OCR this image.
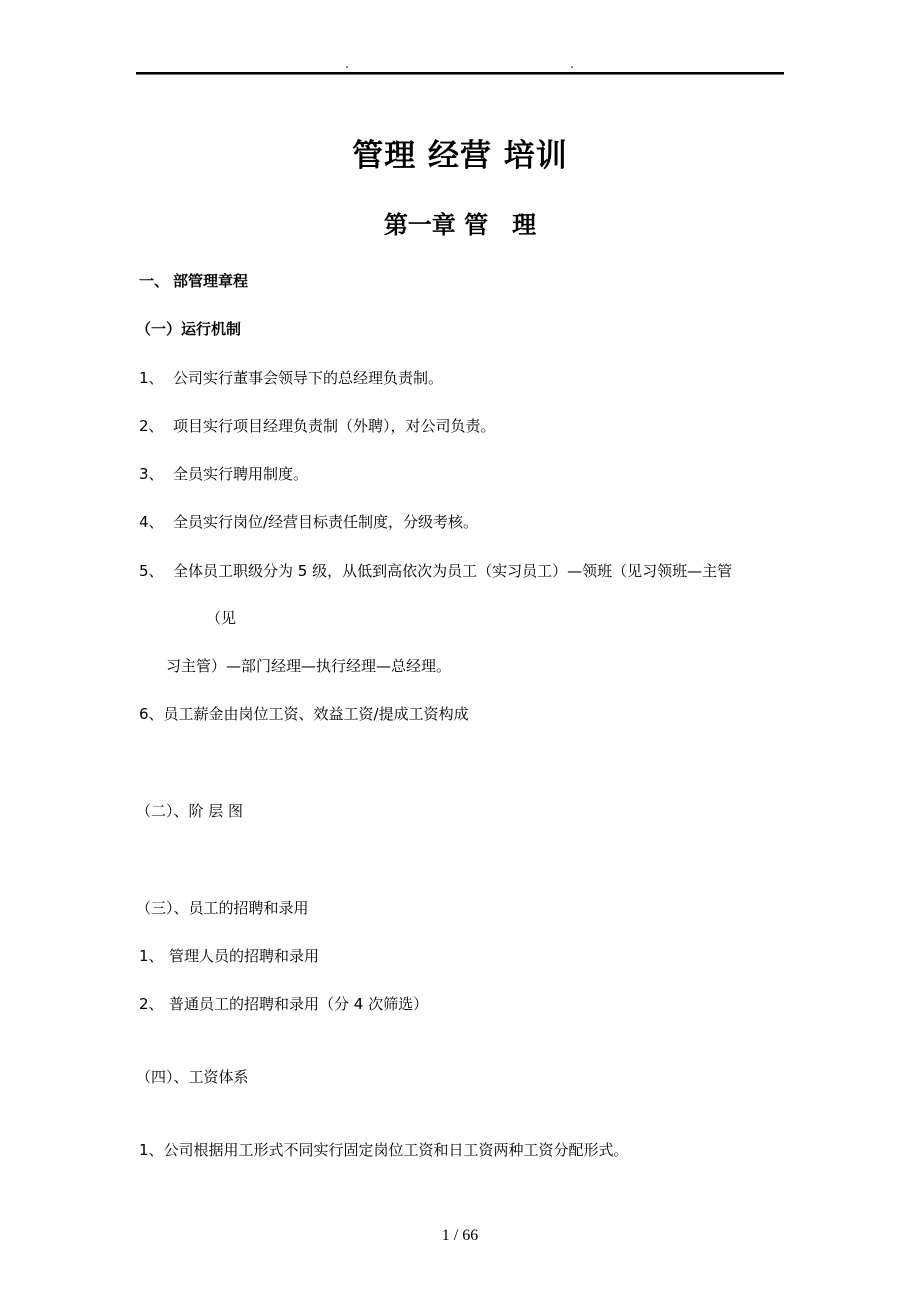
管理 经营 培训
第一章 管　理
一、 部管理章程
（一）运行机制
1、 公司实行董事会领导下的总经理负责制。
2、 项目实行项目经理负责制（外聘），对公司负责。
3、 全员实行聘用制度。
4、 全员实行岗位/经营目标责任制度，分级考核。
5、 全体员工职级分为 5 级，从低到高依次为员工（实习员工）—领班（见习领班—主管
（见
习主管）—部门经理—执行经理—总经理。
6、员工薪金由岗位工资、效益工资/提成工资构成
（二）、阶 层 图
（三）、员工的招聘和录用
1、 管理人员的招聘和录用
2、 普通员工的招聘和录用（分 4 次筛选）
（四）、工资体系
1、公司根据用工形式不同实行固定岗位工资和日工资两种工资分配形式。
1 / 66
